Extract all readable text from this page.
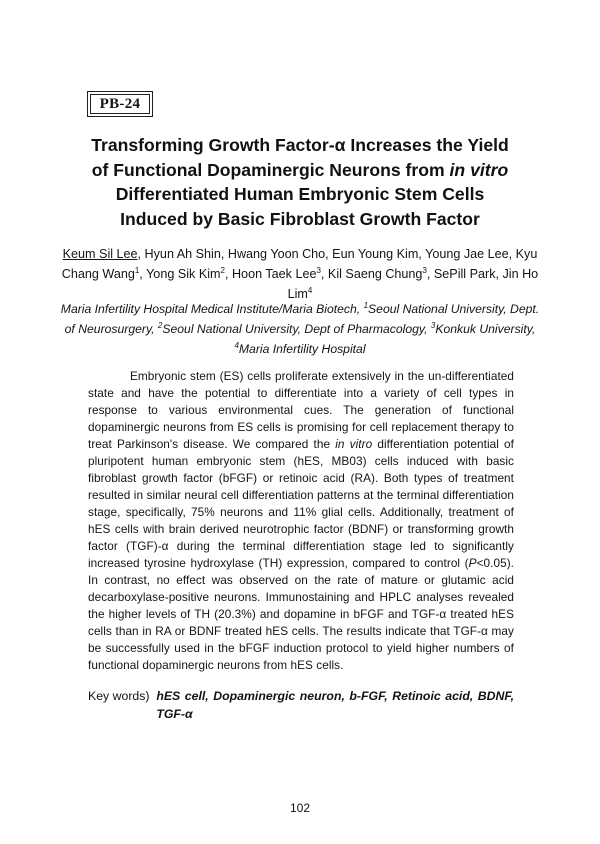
PB-24
Transforming Growth Factor-α Increases the Yield
of Functional Dopaminergic Neurons from in vitro
Differentiated Human Embryonic Stem Cells
Induced by Basic Fibroblast Growth Factor
Keum Sil Lee, Hyun Ah Shin, Hwang Yoon Cho, Eun Young Kim, Young Jae Lee, Kyu Chang Wang$^1$, Yong Sik Kim$^2$, Hoon Taek Lee$^3$, Kil Saeng Chung$^3$, SePill Park, Jin Ho Lim$^4$
Maria Infertility Hospital Medical Institute/Maria Biotech, $^1$Seoul National University, Dept. of Neurosurgery, $^2$Seoul National University, Dept of Pharmacology, $^3$Konkuk University, $^4$Maria Infertility Hospital

Embryonic stem (ES) cells proliferate extensively in the un-differentiated state and have the potential to differentiate into a variety of cell types in response to various environmental cues. The generation of functional dopaminergic neurons from ES cells is promising for cell replacement therapy to treat Parkinson's disease. We compared the in vitro differentiation potential of pluripotent human embryonic stem (hES, MB03) cells induced with basic fibroblast growth factor (bFGF) or retinoic acid (RA). Both types of treatment resulted in similar neural cell differentiation patterns at the terminal differentiation stage, specifically, 75% neurons and 11% glial cells. Additionally, treatment of hES cells with brain derived neurotrophic factor (BDNF) or transforming growth factor (TGF)-α during the terminal differentiation stage led to significantly increased tyrosine hydroxylase (TH) expression, compared to control (P<0.05). In contrast, no effect was observed on the rate of mature or glutamic acid decarboxylase-positive neurons. Immunostaining and HPLC analyses revealed the higher levels of TH (20.3%) and dopamine in bFGF and TGF-α treated hES cells than in RA or BDNF treated hES cells. The results indicate that TGF-α may be successfully used in the bFGF induction protocol to yield higher numbers of functional dopaminergic neurons from hES cells.

Key words) hES cell, Dopaminergic neuron, b-FGF, Retinoic acid, BDNF, TGF-α
102
